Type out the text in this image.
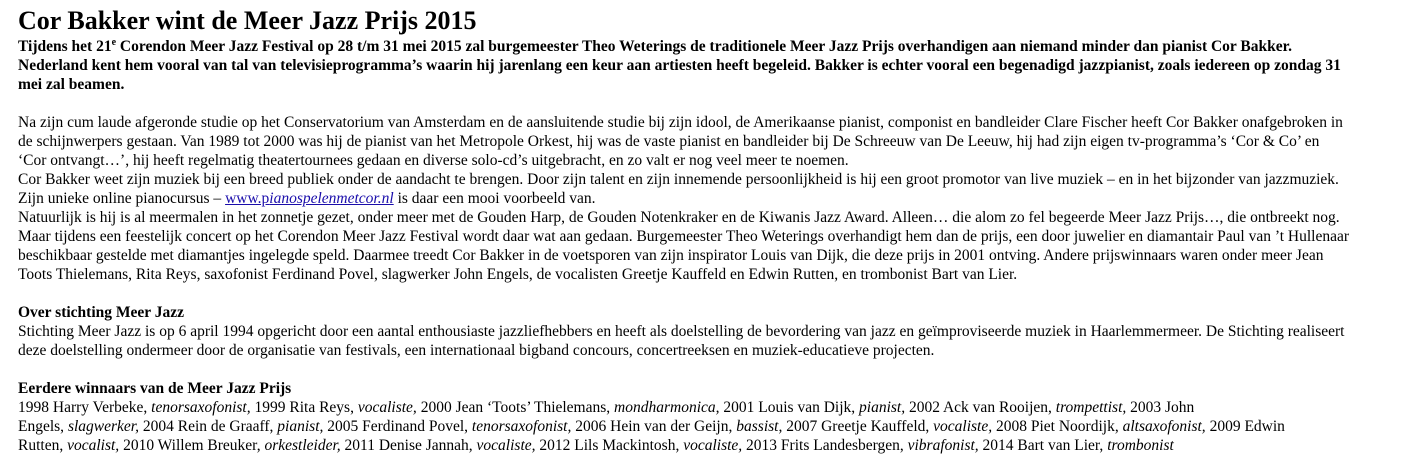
Cor Bakker wint de Meer Jazz Prijs 2015
Tijdens het 21e Corendon Meer Jazz Festival op 28 t/m 31 mei 2015 zal burgemeester Theo Weterings de traditionele Meer Jazz Prijs overhandigen aan niemand minder dan pianist Cor Bakker.
Nederland kent hem vooral van tal van televisieprogramma’s waarin hij jarenlang een keur aan artiesten heeft begeleid. Bakker is echter vooral een begenadigd jazzpianist, zoals iedereen op zondag 31
mei zal beamen.
Na zijn cum laude afgeronde studie op het Conservatorium van Amsterdam en de aansluitende studie bij zijn idool, de Amerikaanse pianist, componist en bandleider Clare Fischer heeft Cor Bakker onafgebroken in
de schijnwerpers gestaan. Van 1989 tot 2000 was hij de pianist van het Metropole Orkest, hij was de vaste pianist en bandleider bij De Schreeuw van De Leeuw, hij had zijn eigen tv-programma’s ‘Cor & Co’ en
‘Cor ontvangt…’, hij heeft regelmatig theatertournees gedaan en diverse solo-cd’s uitgebracht, en zo valt er nog veel meer te noemen.
Cor Bakker weet zijn muziek bij een breed publiek onder de aandacht te brengen. Door zijn talent en zijn innemende persoonlijkheid is hij een groot promotor van live muziek – en in het bijzonder van jazzmuziek.
Zijn unieke online pianocursus – www.pianospelenmetcor.nl is daar een mooi voorbeeld van.
Natuurlijk is hij is al meermalen in het zonnetje gezet, onder meer met de Gouden Harp, de Gouden Notenkraker en de Kiwanis Jazz Award. Alleen… die alom zo fel begeerde Meer Jazz Prijs…, die ontbreekt nog.
Maar tijdens een feestelijk concert op het Corendon Meer Jazz Festival wordt daar wat aan gedaan. Burgemeester Theo Weterings overhandigt hem dan de prijs, een door juwelier en diamantair Paul van ’t Hullenaar
beschikbaar gestelde met diamantjes ingelegde speld. Daarmee treedt Cor Bakker in de voetsporen van zijn inspirator Louis van Dijk, die deze prijs in 2001 ontving. Andere prijswinnaars waren onder meer Jean
Toots Thielemans, Rita Reys, saxofonist Ferdinand Povel, slagwerker John Engels, de vocalisten Greetje Kauffeld en Edwin Rutten, en trombonist Bart van Lier.
Over stichting Meer Jazz
Stichting Meer Jazz is op 6 april 1994 opgericht door een aantal enthousiaste jazzliefhebbers en heeft als doelstelling de bevordering van jazz en geïmproviseerde muziek in Haarlemmermeer. De Stichting realiseert
deze doelstelling ondermeer door de organisatie van festivals, een internationaal bigband concours, concertreeksen en muziek-educatieve projecten.
Eerdere winnaars van de Meer Jazz Prijs
1998 Harry Verbeke, tenorsaxofonist, 1999 Rita Reys, vocaliste, 2000 Jean ‘Toots’ Thielemans, mondharmonica, 2001 Louis van Dijk, pianist, 2002 Ack van Rooijen, trompettist, 2003 John
Engels, slagwerker, 2004 Rein de Graaff, pianist, 2005 Ferdinand Povel, tenorsaxofonist, 2006 Hein van der Geijn, bassist, 2007 Greetje Kauffeld, vocaliste, 2008 Piet Noordijk, altsaxofonist, 2009 Edwin
Rutten, vocalist, 2010 Willem Breuker, orkestleider, 2011 Denise Jannah, vocaliste, 2012 Lils Mackintosh, vocaliste, 2013 Frits Landesbergen, vibrafonist, 2014 Bart van Lier, trombonist
